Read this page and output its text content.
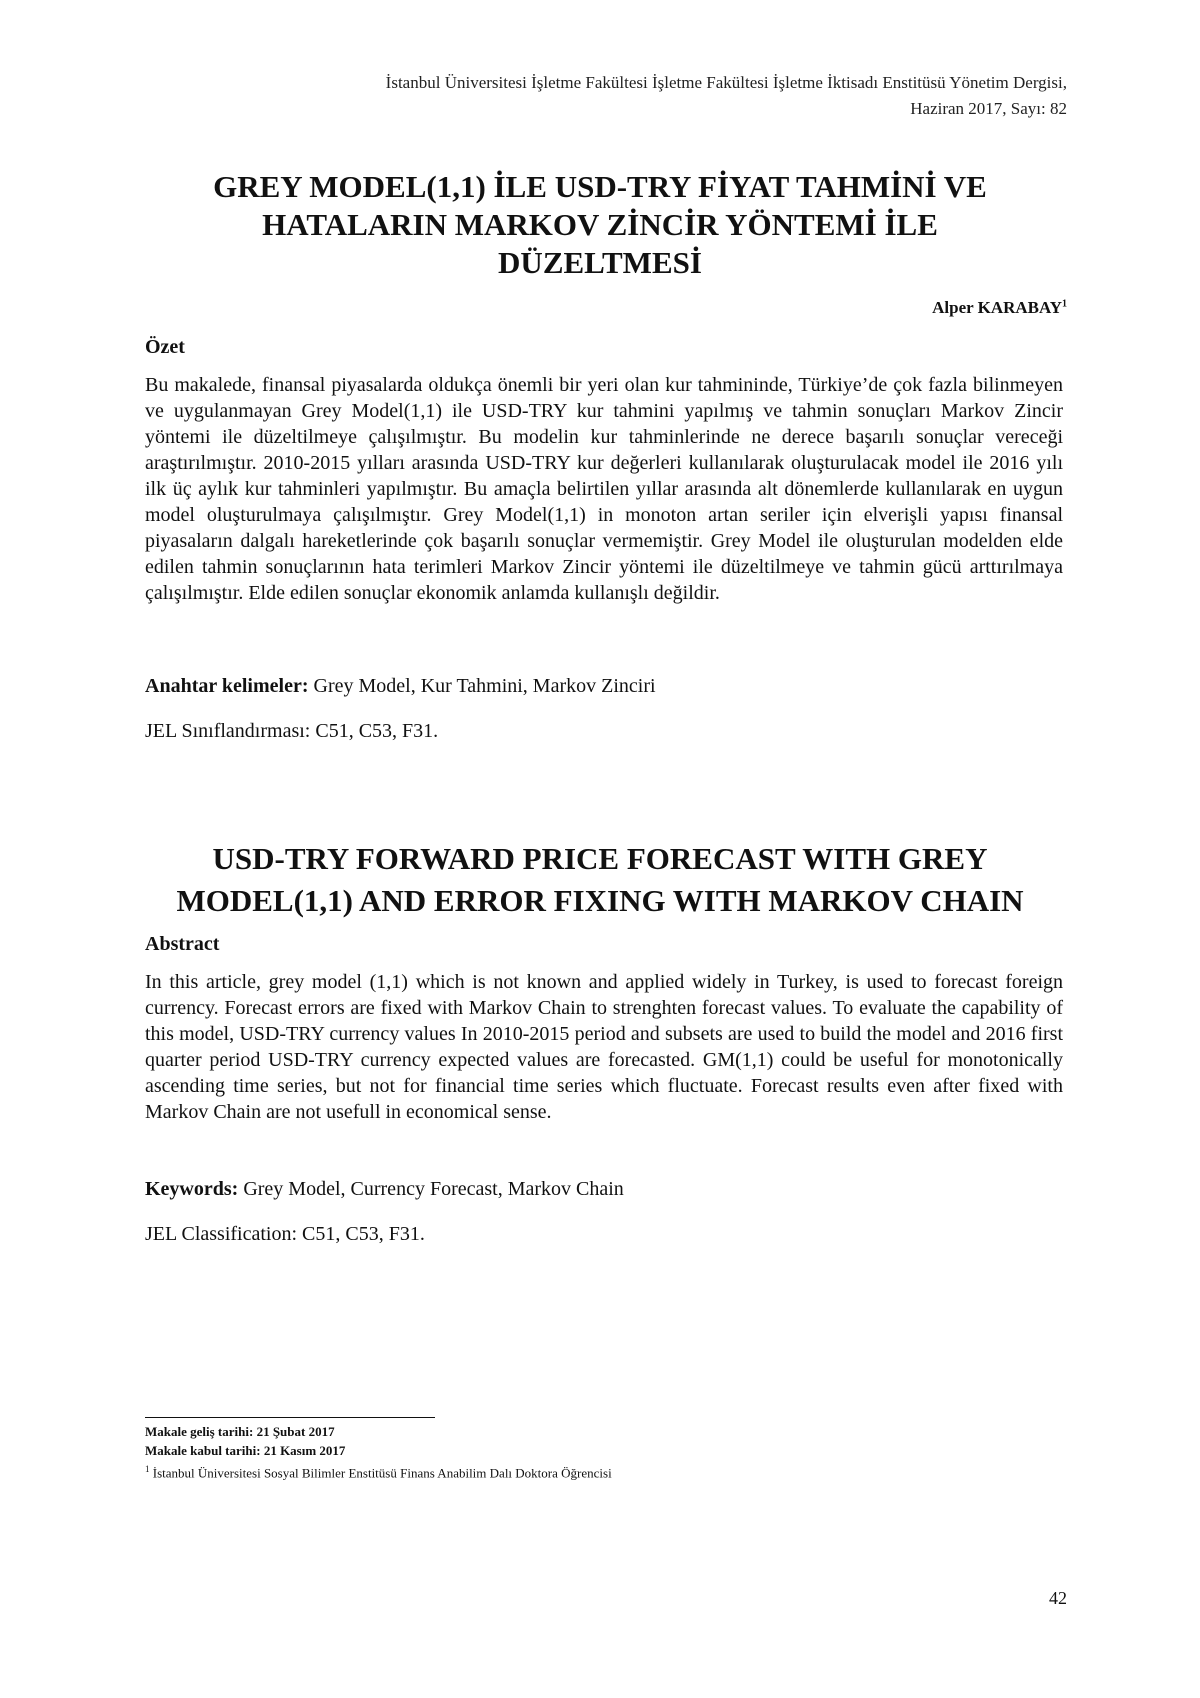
İstanbul Üniversitesi İşletme Fakültesi İşletme Fakültesi İşletme İktisadı Enstitüsü Yönetim Dergisi,
Haziran 2017, Sayı: 82
GREY MODEL(1,1) İLE USD-TRY FİYAT TAHMİNİ VE
HATALARIN MARKOV ZİNCİR YÖNTEMİ İLE
DÜZELTMESİ
Alper KARABAY$^1$
Özet
Bu makalede, finansal piyasalarda oldukça önemli bir yeri olan kur tahmininde, Türkiye’de çok fazla bilinmeyen ve uygulanmayan Grey Model(1,1) ile USD-TRY kur tahmini yapılmış ve tahmin sonuçları Markov Zincir yöntemi ile düzeltilmeye çalışılmıştır. Bu modelin kur tahminlerinde ne derece başarılı sonuçlar vereceği araştırılmıştır. 2010-2015 yılları arasında USD-TRY kur değerleri kullanılarak oluşturulacak model ile 2016 yılı ilk üç aylık kur tahminleri yapılmıştır. Bu amaçla belirtilen yıllar arasında alt dönemlerde kullanılarak en uygun model oluşturulmaya çalışılmıştır. Grey Model(1,1) in monoton artan seriler için elverişli yapısı finansal piyasaların dalgalı hareketlerinde çok başarılı sonuçlar vermemiştir. Grey Model ile oluşturulan modelden elde edilen tahmin sonuçlarının hata terimleri Markov Zincir yöntemi ile düzeltilmeye ve tahmin gücü arttırılmaya çalışılmıştır. Elde edilen sonuçlar ekonomik anlamda kullanışlı değildir.
Anahtar kelimeler: Grey Model, Kur Tahmini, Markov Zinciri
JEL Sınıflandırması: C51, C53, F31.
USD-TRY FORWARD PRICE FORECAST WITH GREY
MODEL(1,1) AND ERROR FIXING WITH MARKOV CHAIN
Abstract
In this article, grey model (1,1) which is not known and applied widely in Turkey, is used to forecast foreign currency. Forecast errors are fixed with Markov Chain to strenghten forecast values. To evaluate the capability of this model, USD-TRY currency values In 2010-2015 period and subsets are used to build the model and 2016 first quarter period USD-TRY currency expected values are forecasted. GM(1,1) could be useful for monotonically ascending time series, but not for financial time series which fluctuate. Forecast results even after fixed with Markov Chain are not usefull in economical sense.
Keywords: Grey Model, Currency Forecast, Markov Chain
JEL Classification: C51, C53, F31.
Makale geliş tarihi: 21 Şubat 2017
Makale kabul tarihi: 21 Kasım 2017
$^1$ İstanbul Üniversitesi Sosyal Bilimler Enstitüsü Finans Anabilim Dalı Doktora Öğrencisi
42
